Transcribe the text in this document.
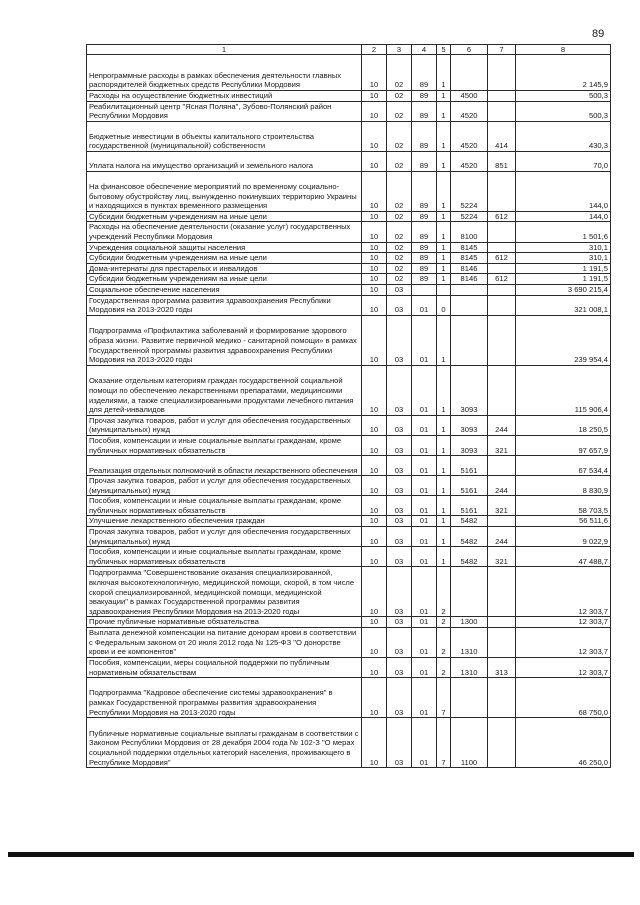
89
1	2	3	4	5	6	7	8
Непрограммные расходы в рамках обеспечения деятельности главных распорядителей бюджетных средств Республики Мордовия	10	02	89	1			2 145,9
Расходы на осуществление бюджетных инвестиций	10	02	89	1	4500		500,3
Реабилитационный центр "Ясная Поляна", Зубово-Полянский район Республики Мордовия	10	02	89	1	4520		500,3
Бюджетные инвестиции в объекты капитального строительства государственной (муниципальной) собственности	10	02	89	1	4520	414	430,3
Уплата налога на имущество организаций и земельного налога	10	02	89	1	4520	851	70,0
На финансовое обеспечение мероприятий по временному социально-бытовому обустройству лиц, вынужденно покинувших территорию Украины и находящихся в пунктах временного размещения	10	02	89	1	5224		144,0
Субсидии бюджетным учреждениям на иные цели	10	02	89	1	5224	612	144,0
Расходы на обеспечение деятельности (оказание услуг) государственных учреждений Республики Мордовия	10	02	89	1	8100		1 501,6
Учреждения социальной защиты населения	10	02	89	1	8145		310,1
Субсидии бюджетным учреждениям на иные цели	10	02	89	1	8145	612	310,1
Дома-интернаты для престарелых и инвалидов	10	02	89	1	8146		1 191,5
Субсидии бюджетным учреждениям на иные цели	10	02	89	1	8146	612	1 191,5
Социальное обеспечение населения	10	03					3 690 215,4
Государственная программа развития здравоохранения Республики Мордовия на 2013-2020 годы	10	03	01	0			321 008,1
Подпрограмма «Профилактика заболеваний и формирование здорового образа жизни. Развитие первичной медико - санитарной помощи» в рамках Государственной программы развития здравоохранения Республики Мордовия на 2013-2020 годы	10	03	01	1			239 954,4
Оказание отдельным категориям граждан государственной социальной помощи по обеспечению лекарственными препаратами, медицинскими изделиями, а также специализированными продуктами лечебного питания для детей-инвалидов	10	03	01	1	3093		115 906,4
Прочая закупка товаров, работ и услуг для обеспечения государственных (муниципальных) нужд	10	03	01	1	3093	244	18 250,5
Пособия, компенсации и иные социальные выплаты гражданам, кроме публичных нормативных обязательств	10	03	01	1	3093	321	97 657,9
Реализация отдельных полномочий в области лекарственного обеспечения	10	03	01	1	5161		67 534,4
Прочая закупка товаров, работ и услуг для обеспечения государственных (муниципальных) нужд	10	03	01	1	5161	244	8 830,9
Пособия, компенсации и иные социальные выплаты гражданам, кроме публичных нормативных обязательств	10	03	01	1	5161	321	58 703,5
Улучшение лекарственного обеспечения граждан	10	03	01	1	5482		56 511,6
Прочая закупка товаров, работ и услуг для обеспечения государственных (муниципальных) нужд	10	03	01	1	5482	244	9 022,9
Пособия, компенсации и иные социальные выплаты гражданам, кроме публичных нормативных обязательств	10	03	01	1	5482	321	47 488,7
Подпрограмма "Совершенствование оказания специализированной, включая высокотехнологичную, медицинской помощи, скорой, в том числе скорой специализированной, медицинской помощи, медицинской эвакуации" в рамках Государственной программы развития здравоохранения Республики Мордовия на 2013-2020 годы	10	03	01	2			12 303,7
Прочие публичные нормативные обязательства	10	03	01	2	1300		12 303,7
Выплата денежной компенсации на питание донорам крови в соответствии с Федеральным законом от 20 июля 2012 года № 125-ФЗ "О донорстве крови и ее компонентов"	10	03	01	2	1310		12 303,7
Пособия, компенсации, меры социальной поддержки по публичным нормативным обязательствам	10	03	01	2	1310	313	12 303,7
Подпрограмма "Кадровое обеспечение системы здравоохранения" в рамках Государственной программы развития здравоохранения Республики Мордовия на 2013-2020 годы	10	03	01	7			68 750,0
Публичные нормативные социальные выплаты гражданам в соответствии с Законом Республики Мордовия от 28 декабря 2004 года № 102-З "О мерах социальной поддержки отдельных категорий населения, проживающего в Республике Мордовия"	10	03	01	7	1100		46 250,0
